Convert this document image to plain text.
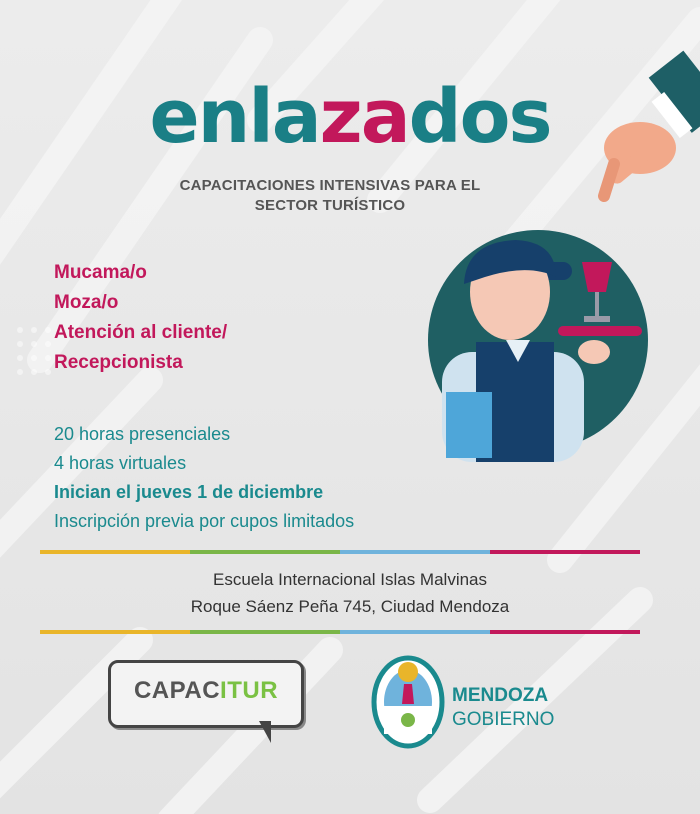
enlazados
CAPACITACIONES INTENSIVAS PARA EL
SECTOR TURÍSTICO
Mucama/o
Moza/o
Atención al cliente/
Recepcionista
20 horas presenciales
4 horas virtuales
Inician el jueves 1 de diciembre
Inscripción previa por cupos limitados
Escuela Internacional Islas Malvinas
Roque Sáenz Peña 745, Ciudad Mendoza
CAPACITUR	MENDOZA
GOBIERNO
